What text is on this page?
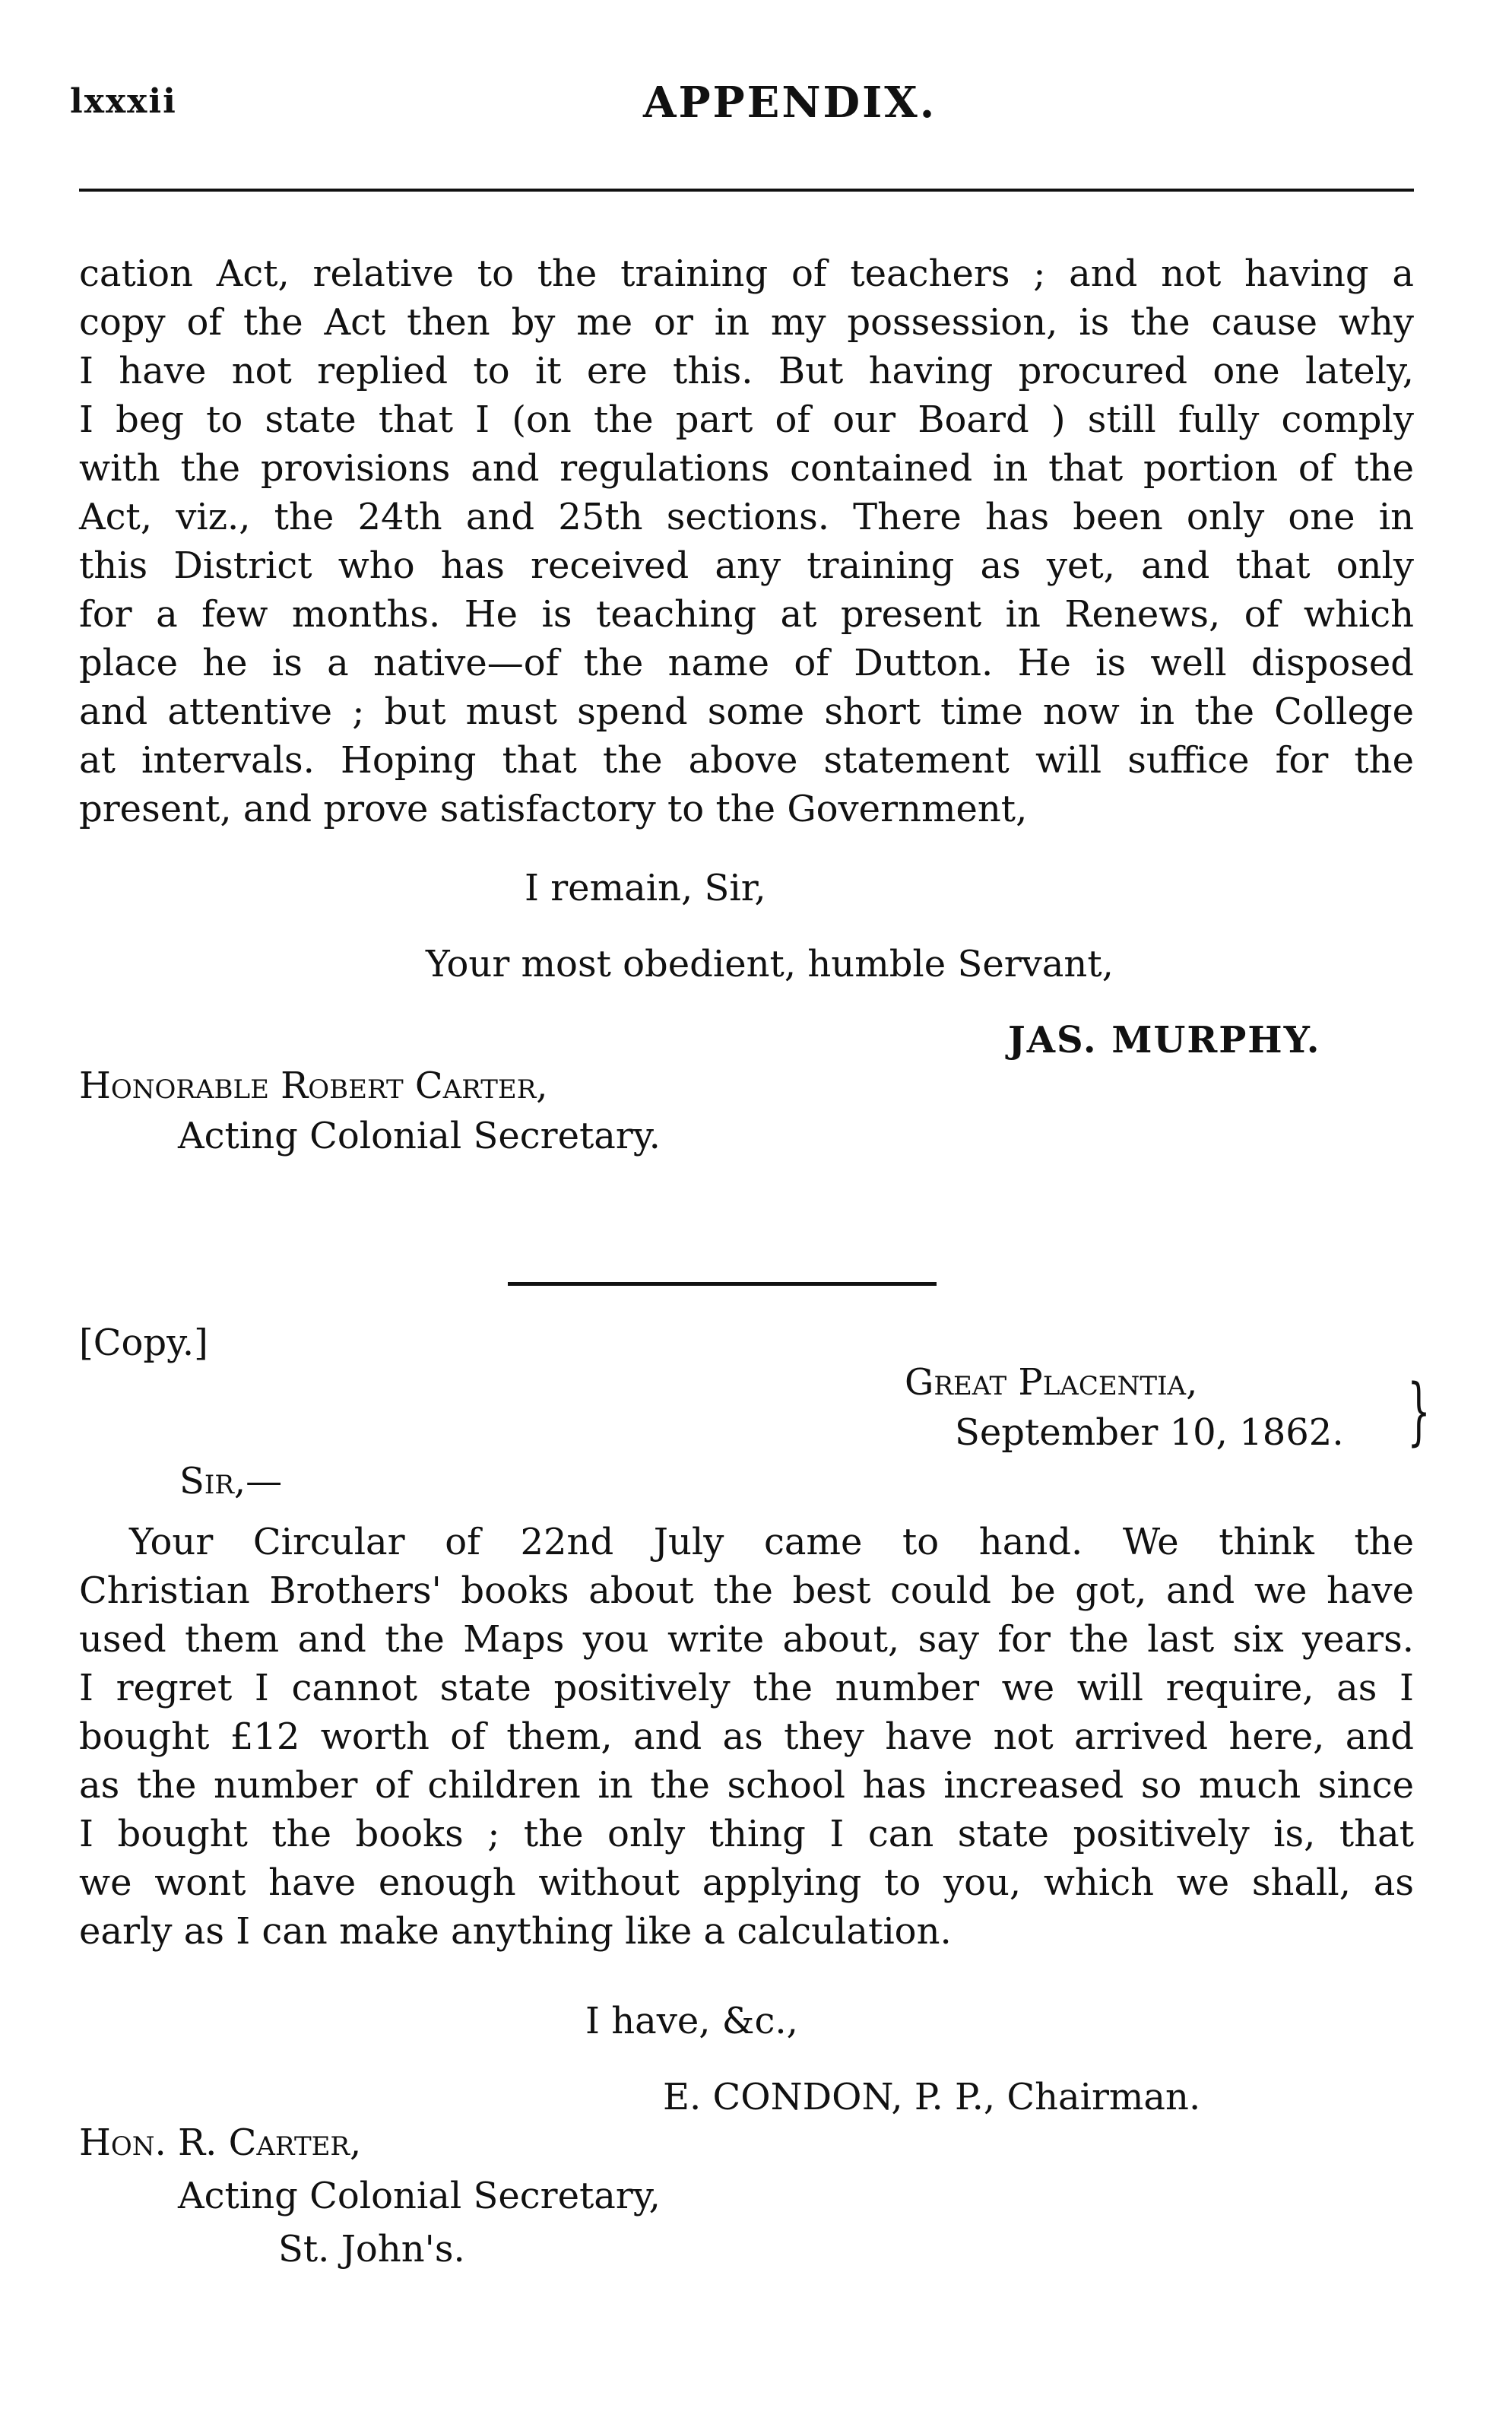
lxxxii	APPENDIX.
cation Act, relative to the training of teachers ; and not having a
copy of the Act then by me or in my possession, is the cause why
I have not replied to it ere this. But having procured one lately,
I beg to state that I (on the part of our Board ) still fully comply
with the provisions and regulations contained in that portion of the
Act, viz., the 24th and 25th sections. There has been only one in
this District who has received any training as yet, and that only
for a few months. He is teaching at present in Renews, of which
place he is a native—of the name of Dutton. He is well disposed
and attentive ; but must spend some short time now in the College
at intervals. Hoping that the above statement will suffice for the
present, and prove satisfactory to the Government,
I remain, Sir,
Your most obedient, humble Servant,
JAS. MURPHY.
Honorable Robert Carter,
Acting Colonial Secretary.
[Copy.]
Great Placentia,
September 10, 1862. }
Sir,—
Your Circular of 22nd July came to hand. We think the
Christian Brothers' books about the best could be got, and we have
used them and the Maps you write about, say for the last six years.
I regret I cannot state positively the number we will require, as I
bought £12 worth of them, and as they have not arrived here, and
as the number of children in the school has increased so much since
I bought the books ; the only thing I can state positively is, that
we wont have enough without applying to you, which we shall, as
early as I can make anything like a calculation.
I have, &c.,
E. CONDON, P. P., Chairman.
Hon. R. Carter,
Acting Colonial Secretary,
St. John's.
